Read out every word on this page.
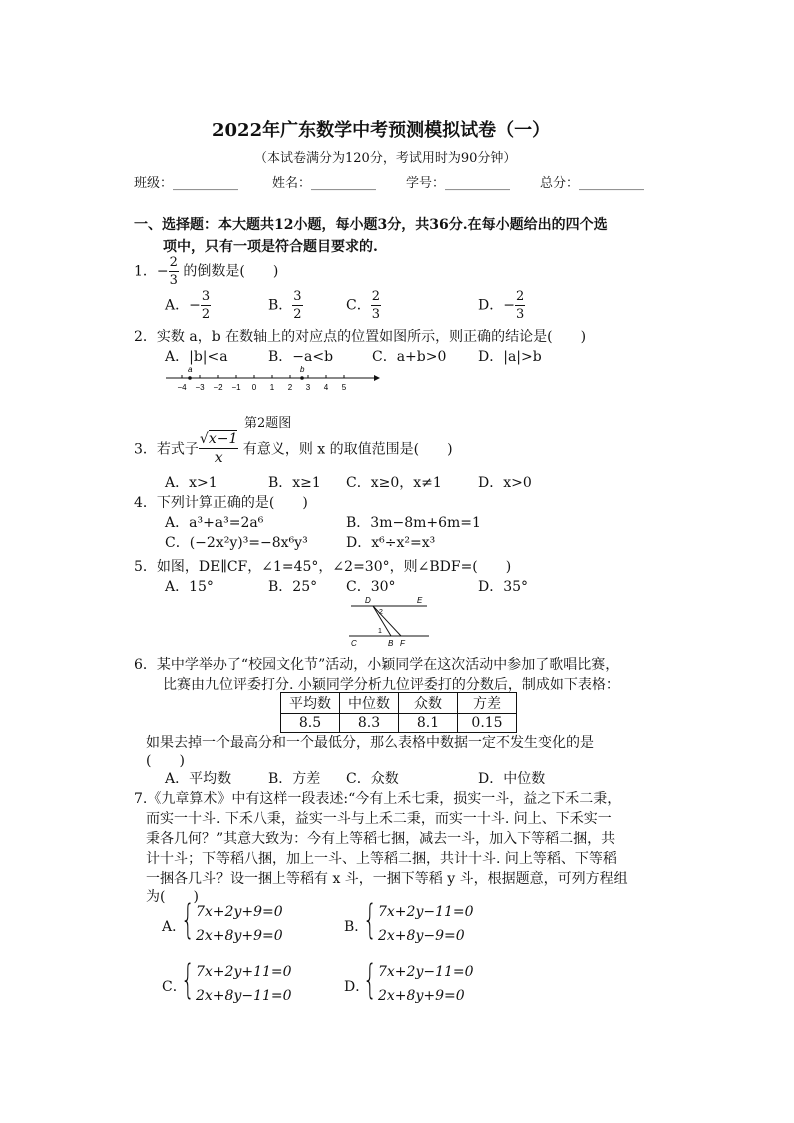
2022年广东数学中考预测模拟试卷（一）
（本试卷满分为120分，考试用时为90分钟）
班级：__________	姓名：__________ 学号：__________ 总分：__________
一、选择题：本大题共12小题，每小题3分，共36分.在每小题给出的四个选
项中，只有一项是符合题目要求的.
1．− $\frac{2}{3}$ 的倒数是(　　)
A．− $\frac{3}{2}$	B． $\frac{3}{2}$	C． $\frac{2}{3}$	D．− $\frac{2}{3}$
2．实数 a，b 在数轴上的对应点的位置如图所示，则正确的结论是(　　)
A．|b|<a	B．−a<b	C．a+b>0 D．|a|>b
−4 −3 −2 −1 0 1 2 3 4 5
a	b
第2题图
3．若式子 $\frac{√x-1}{x}$ 有意义，则 x 的取值范围是(　　)
A．x>1	B．x≥1 C．x≥0，x≠1	D．x>0
4．下列计算正确的是(　　)
A．a³+a³=2a⁶	B．3m−8m+6m=1
C．(−2x²y)³=−8x⁶y³	D．x⁶÷x²=x³
5．如图，DE∥CF，∠1=45°，∠2=30°，则∠BDF=(　　)
A．15°	B．25° C．30°	D．35°
D	E
C	B F
1
2
6．某中学举办了“校园文化节”活动，小颖同学在这次活动中参加了歌唱比赛，
比赛由九位评委打分. 小颖同学分析九位评委打的分数后，制成如下表格：
平均数	中位数	众数	方差
8.5	8.3	8.1	0.15
如果去掉一个最高分和一个最低分，那么表格中数据一定不发生变化的是
(　　)
A．平均数	B．方差 C．众数	D．中位数
7.《九章算术》中有这样一段表述:“今有上禾七秉，损实一斗，益之下禾二秉，
而实一十斗. 下禾八秉，益实一斗与上禾二秉，而实一十斗. 问上、下禾实一
秉各几何？”其意大致为：今有上等稻七捆，减去一斗，加入下等稻二捆，共
计十斗；下等稻八捆，加上一斗、上等稻二捆，共计十斗. 问上等稻、下等稻
一捆各几斗？设一捆上等稻有 x 斗，一捆下等稻 y 斗，根据题意，可列方程组
为(　　)
A．
{ 7x+2y+9=0
2x+8y+9=0
B．
{ 7x+2y−11=0
2x+8y−9=0
C．
{ 7x+2y+11=0
2x+8y−11=0
D．
{ 7x+2y−11=0
2x+8y+9=0
